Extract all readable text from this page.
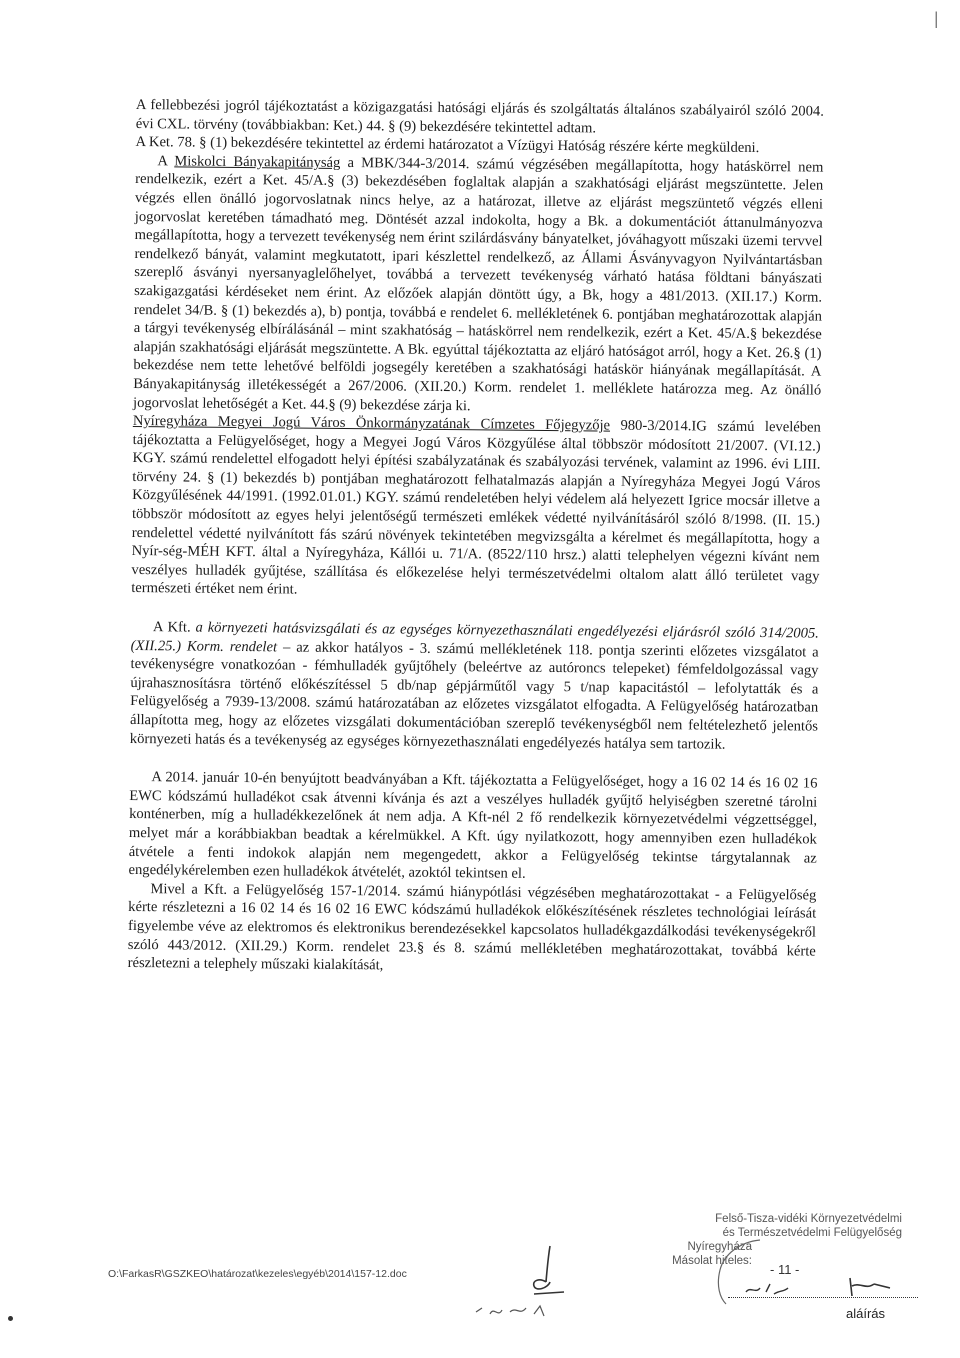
|

A fellebbezési jogról tájékoztatást a közigazgatási hatósági eljárás és szolgáltatás általános szabályairól szóló 2004. évi CXL. törvény (továbbiakban: Ket.) 44. § (9) bekezdésére tekintettel adtam.

A Ket. 78. § (1) bekezdésére tekintettel az érdemi határozatot a Vízügyi Hatóság részére kérte megküldeni.

A Miskolci Bányakapitányság a MBK/344-3/2014. számú végzésében megállapította, hogy hatáskörrel nem rendelkezik, ezért a Ket. 45/A.§ (3) bekezdésében foglaltak alapján a szakhatósági eljárást megszüntette. Jelen végzés ellen önálló jogorvoslatnak nincs helye, az a határozat, illetve az eljárást megszüntető végzés elleni jogorvoslat keretében támadható meg. Döntését azzal indokolta, hogy a Bk. a dokumentációt áttanulmányozva megállapította, hogy a tervezett tevékenység nem érint szilárdásvány bányatelket, jóváhagyott műszaki üzemi tervvel rendelkező bányát, valamint megkutatott, ipari készlettel rendelkező, az Állami Ásványvagyon Nyilvántartásban szereplő ásványi nyersanyaglelőhelyet, továbbá a tervezett tevékenység várható hatása földtani bányászati szakigazgatási kérdéseket nem érint. Az előzőek alapján döntött úgy, a Bk, hogy a 481/2013. (XII.17.) Korm. rendelet 34/B. § (1) bekezdés a), b) pontja, továbbá e rendelet 6. mellékletének 6. pontjában meghatározottak alapján a tárgyi tevékenység elbírálásánál – mint szakhatóság – hatáskörrel nem rendelkezik, ezért a Ket. 45/A.§ bekezdése alapján szakhatósági eljárását megszüntette. A Bk. egyúttal tájékoztatta az eljáró hatóságot arról, hogy a Ket. 26.§ (1) bekezdése nem tette lehetővé belföldi jogsegély keretében a szakhatósági hatáskör hiányának megállapítását. A Bányakapitányság illetékességét a 267/2006. (XII.20.) Korm. rendelet 1. melléklete határozza meg. Az önálló jogorvoslat lehetőségét a Ket. 44.§ (9) bekezdése zárja ki.

Nyíregyháza Megyei Jogú Város Önkormányzatának Címzetes Főjegyzője 980-3/2014.IG számú levelében tájékoztatta a Felügyelőséget, hogy a Megyei Jogú Város Közgyűlése által többször módosított 21/2007. (VI.12.) KGY. számú rendelettel elfogadott helyi építési szabályzatának és szabályozási tervének, valamint az 1996. évi LIII. törvény 24. § (1) bekezdés b) pontjában meghatározott felhatalmazás alapján a Nyíregyháza Megyei Jogú Város Közgyűlésének 44/1991. (1992.01.01.) KGY. számú rendeletében helyi védelem alá helyezett Igrice mocsár illetve a többször módosított az egyes helyi jelentőségű természeti emlékek védetté nyilvánításáról szóló 8/1998. (II. 15.) rendelettel védetté nyilvánított fás szárú növények tekintetében megvizsgálta a kérelmet és megállapította, hogy a Nyír-ség-MÉH KFT. által a Nyíregyháza, Kállói u. 71/A. (8522/110 hrsz.) alatti telephelyen végezni kívánt nem veszélyes hulladék gyűjtése, szállítása és előkezelése helyi természetvédelmi oltalom alatt álló területet vagy természeti értéket nem érint.

A Kft. a környezeti hatásvizsgálati és az egységes környezethasználati engedélyezési eljárásról szóló 314/2005.(XII.25.) Korm. rendelet – az akkor hatályos - 3. számú mellékletének 118. pontja szerinti előzetes vizsgálatot a tevékenységre vonatkozóan - fémhulladék gyűjtőhely (beleértve az autóroncs telepeket) fémfeldolgozással vagy újrahasznosításra történő előkészítéssel 5 db/nap gépjárműtől vagy 5 t/nap kapacitástól – lefolytatták és a Felügyelőség a 7939-13/2008. számú határozatában az előzetes vizsgálatot elfogadta. A Felügyelőség határozatban állapította meg, hogy az előzetes vizsgálati dokumentációban szereplő tevékenységből nem feltételezhető jelentős környezeti hatás és a tevékenység az egységes környezethasználati engedélyezés hatálya sem tartozik.

A 2014. január 10-én benyújtott beadványában a Kft. tájékoztatta a Felügyelőséget, hogy a 16 02 14 és 16 02 16 EWC kódszámú hulladékot csak átvenni kívánja és azt a veszélyes hulladék gyűjtő helyiségben szeretné tárolni konténerben, míg a hulladékkezelőnek át nem adja. A Kft-nél 2 fő rendelkezik környezetvédelmi végzettséggel, melyet már a korábbiakban beadtak a kérelmükkel. A Kft. úgy nyilatkozott, hogy amennyiben ezen hulladékok átvétele a fenti indokok alapján nem megengedett, akkor a Felügyelőség tekintse tárgytalannak az engedélykérelemben ezen hulladékok átvételét, azoktól tekintsen el.

Mivel a Kft. a Felügyelőség 157-1/2014. számú hiánypótlási végzésében meghatározottakat - a Felügyelőség kérte részletezni a 16 02 14 és 16 02 16 EWC kódszámú hulladékok előkészítésének részletes technológiai leírását figyelembe véve az elektromos és elektronikus berendezésekkel kapcsolatos hulladékgazdálkodási tevékenységekről szóló 443/2012. (XII.29.) Korm. rendelet 23.§ és 8. számú mellékletében meghatározottakat, továbbá kérte részletezni a telephely műszaki kialakítását,

O:\FarkasR\GSZKEO\határozat\kezeles\egyéb\2014\157-12.doc
Felső-Tisza-vidéki Környezetvédelmi
és Természetvédelmi Felügyelőség
Nyíregyháza
Másolat hiteles:
- 11 -
aláírás
